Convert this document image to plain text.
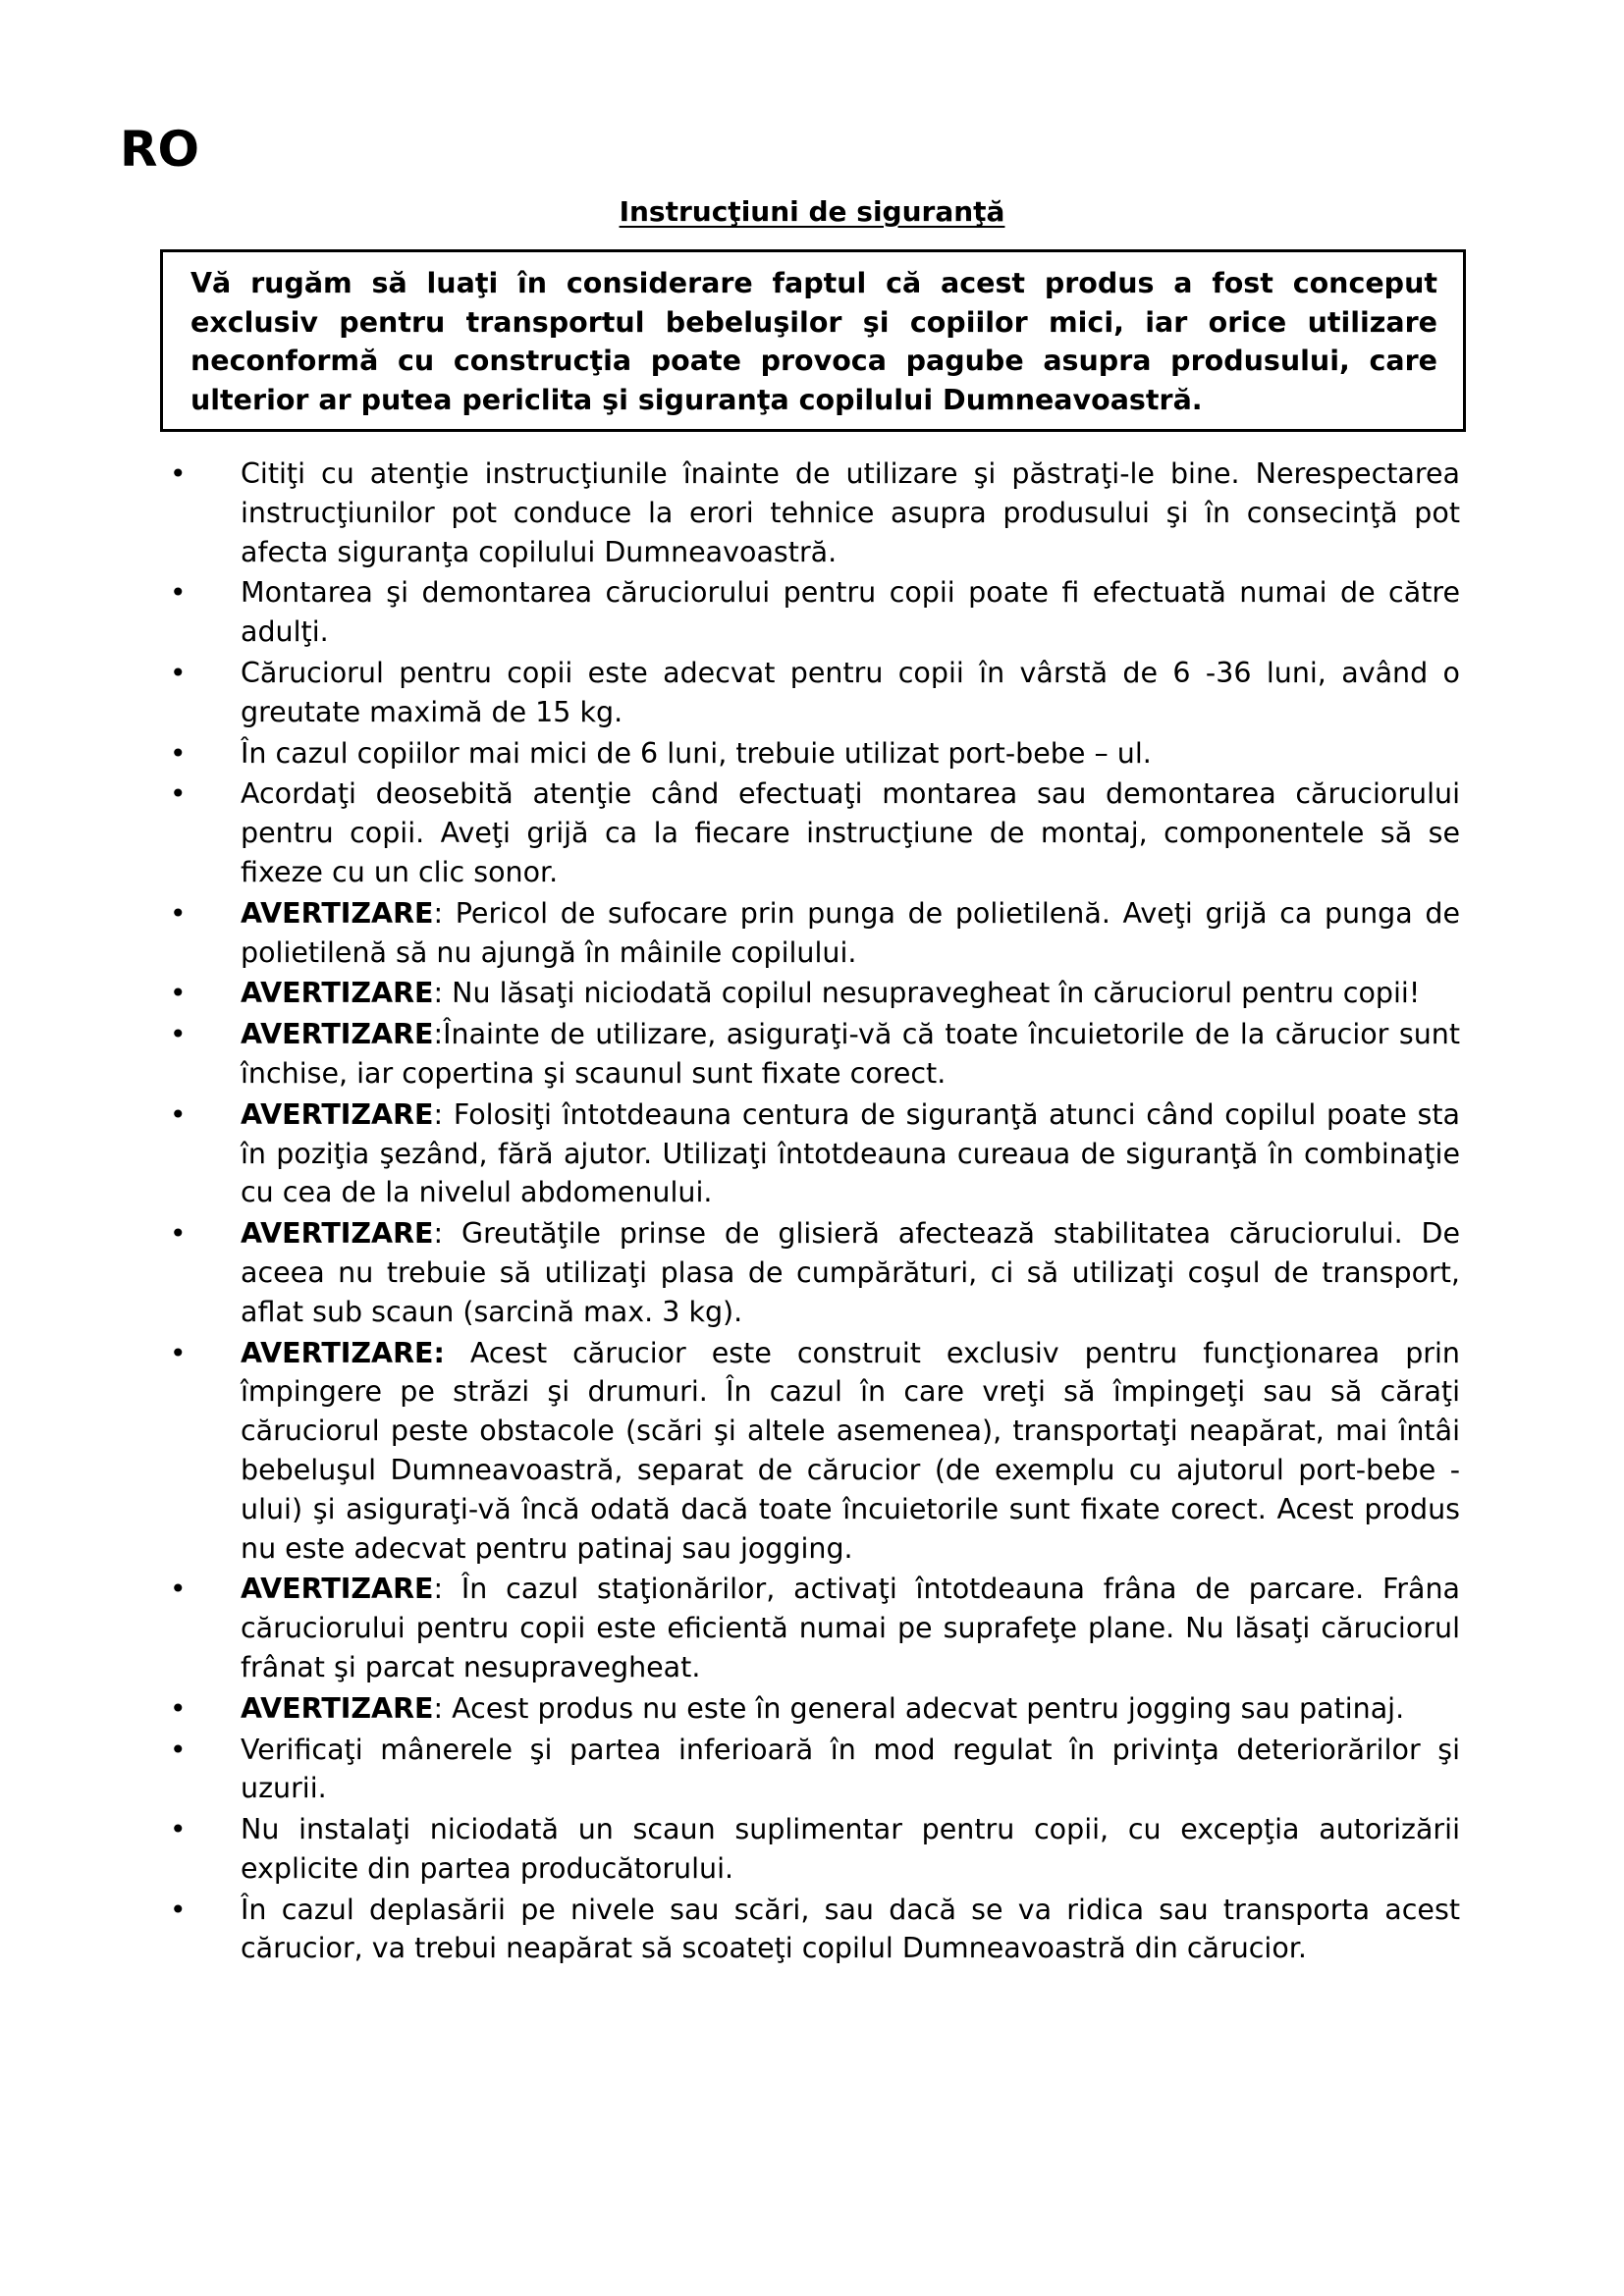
RO
Instrucţiuni de siguranţă
Vă rugăm să luaţi în considerare faptul că acest produs a fost conceput exclusiv pentru transportul bebeluşilor şi copiilor mici, iar orice utilizare neconformă cu construcţia poate provoca pagube asupra produsului, care ulterior ar putea periclita şi siguranţa copilului Dumneavoastră.
• Citiţi cu atenţie instrucţiunile înainte de utilizare şi păstraţi-le bine. Nerespectarea instrucţiunilor pot conduce la erori tehnice asupra produsului şi în consecinţă pot afecta siguranţa copilului Dumneavoastră.
• Montarea şi demontarea căruciorului pentru copii poate fi efectuată numai de către adulţi.
• Căruciorul pentru copii este adecvat pentru copii în vârstă de 6 -36 luni, având o greutate maximă de 15 kg.
• În cazul copiilor mai mici de 6 luni, trebuie utilizat port-bebe – ul.
• Acordaţi deosebită atenţie când efectuaţi montarea sau demontarea căruciorului pentru copii. Aveţi grijă ca la fiecare instrucţiune de montaj, componentele să se fixeze cu un clic sonor.
• AVERTIZARE: Pericol de sufocare prin punga de polietilenă. Aveţi grijă ca punga de polietilenă să nu ajungă în mâinile copilului.
• AVERTIZARE: Nu lăsaţi niciodată copilul nesupravegheat în căruciorul pentru copii!
• AVERTIZARE:Înainte de utilizare, asiguraţi-vă că toate încuietorile de la cărucior sunt închise, iar copertina şi scaunul sunt fixate corect.
• AVERTIZARE: Folosiţi întotdeauna centura de siguranţă atunci când copilul poate sta în poziţia şezând, fără ajutor. Utilizaţi întotdeauna cureaua de siguranţă în combinaţie cu cea de la nivelul abdomenului.
• AVERTIZARE: Greutăţile prinse de glisieră afectează stabilitatea căruciorului. De aceea nu trebuie să utilizaţi plasa de cumpărături, ci să utilizaţi coşul de transport, aflat sub scaun (sarcină max. 3 kg).
• AVERTIZARE: Acest cărucior este construit exclusiv pentru funcţionarea prin împingere pe străzi şi drumuri. În cazul în care vreţi să împingeţi sau să căraţi căruciorul peste obstacole (scări şi altele asemenea), transportaţi neapărat, mai întâi bebeluşul Dumneavoastră, separat de cărucior (de exemplu cu ajutorul port-bebe - ului) şi asiguraţi-vă încă odată dacă toate încuietorile sunt fixate corect. Acest produs nu este adecvat pentru patinaj sau jogging.
• AVERTIZARE: În cazul staţionărilor, activaţi întotdeauna frâna de parcare. Frâna căruciorului pentru copii este eficientă numai pe suprafeţe plane. Nu lăsaţi căruciorul frânat şi parcat nesupravegheat.
• AVERTIZARE: Acest produs nu este în general adecvat pentru jogging sau patinaj.
• Verificaţi mânerele şi partea inferioară în mod regulat în privinţa deteriorărilor şi uzurii.
• Nu instalaţi niciodată un scaun suplimentar pentru copii, cu excepţia autorizării explicite din partea producătorului.
• În cazul deplasării pe nivele sau scări, sau dacă se va ridica sau transporta acest cărucior, va trebui neapărat să scoateţi copilul Dumneavoastră din cărucior.
